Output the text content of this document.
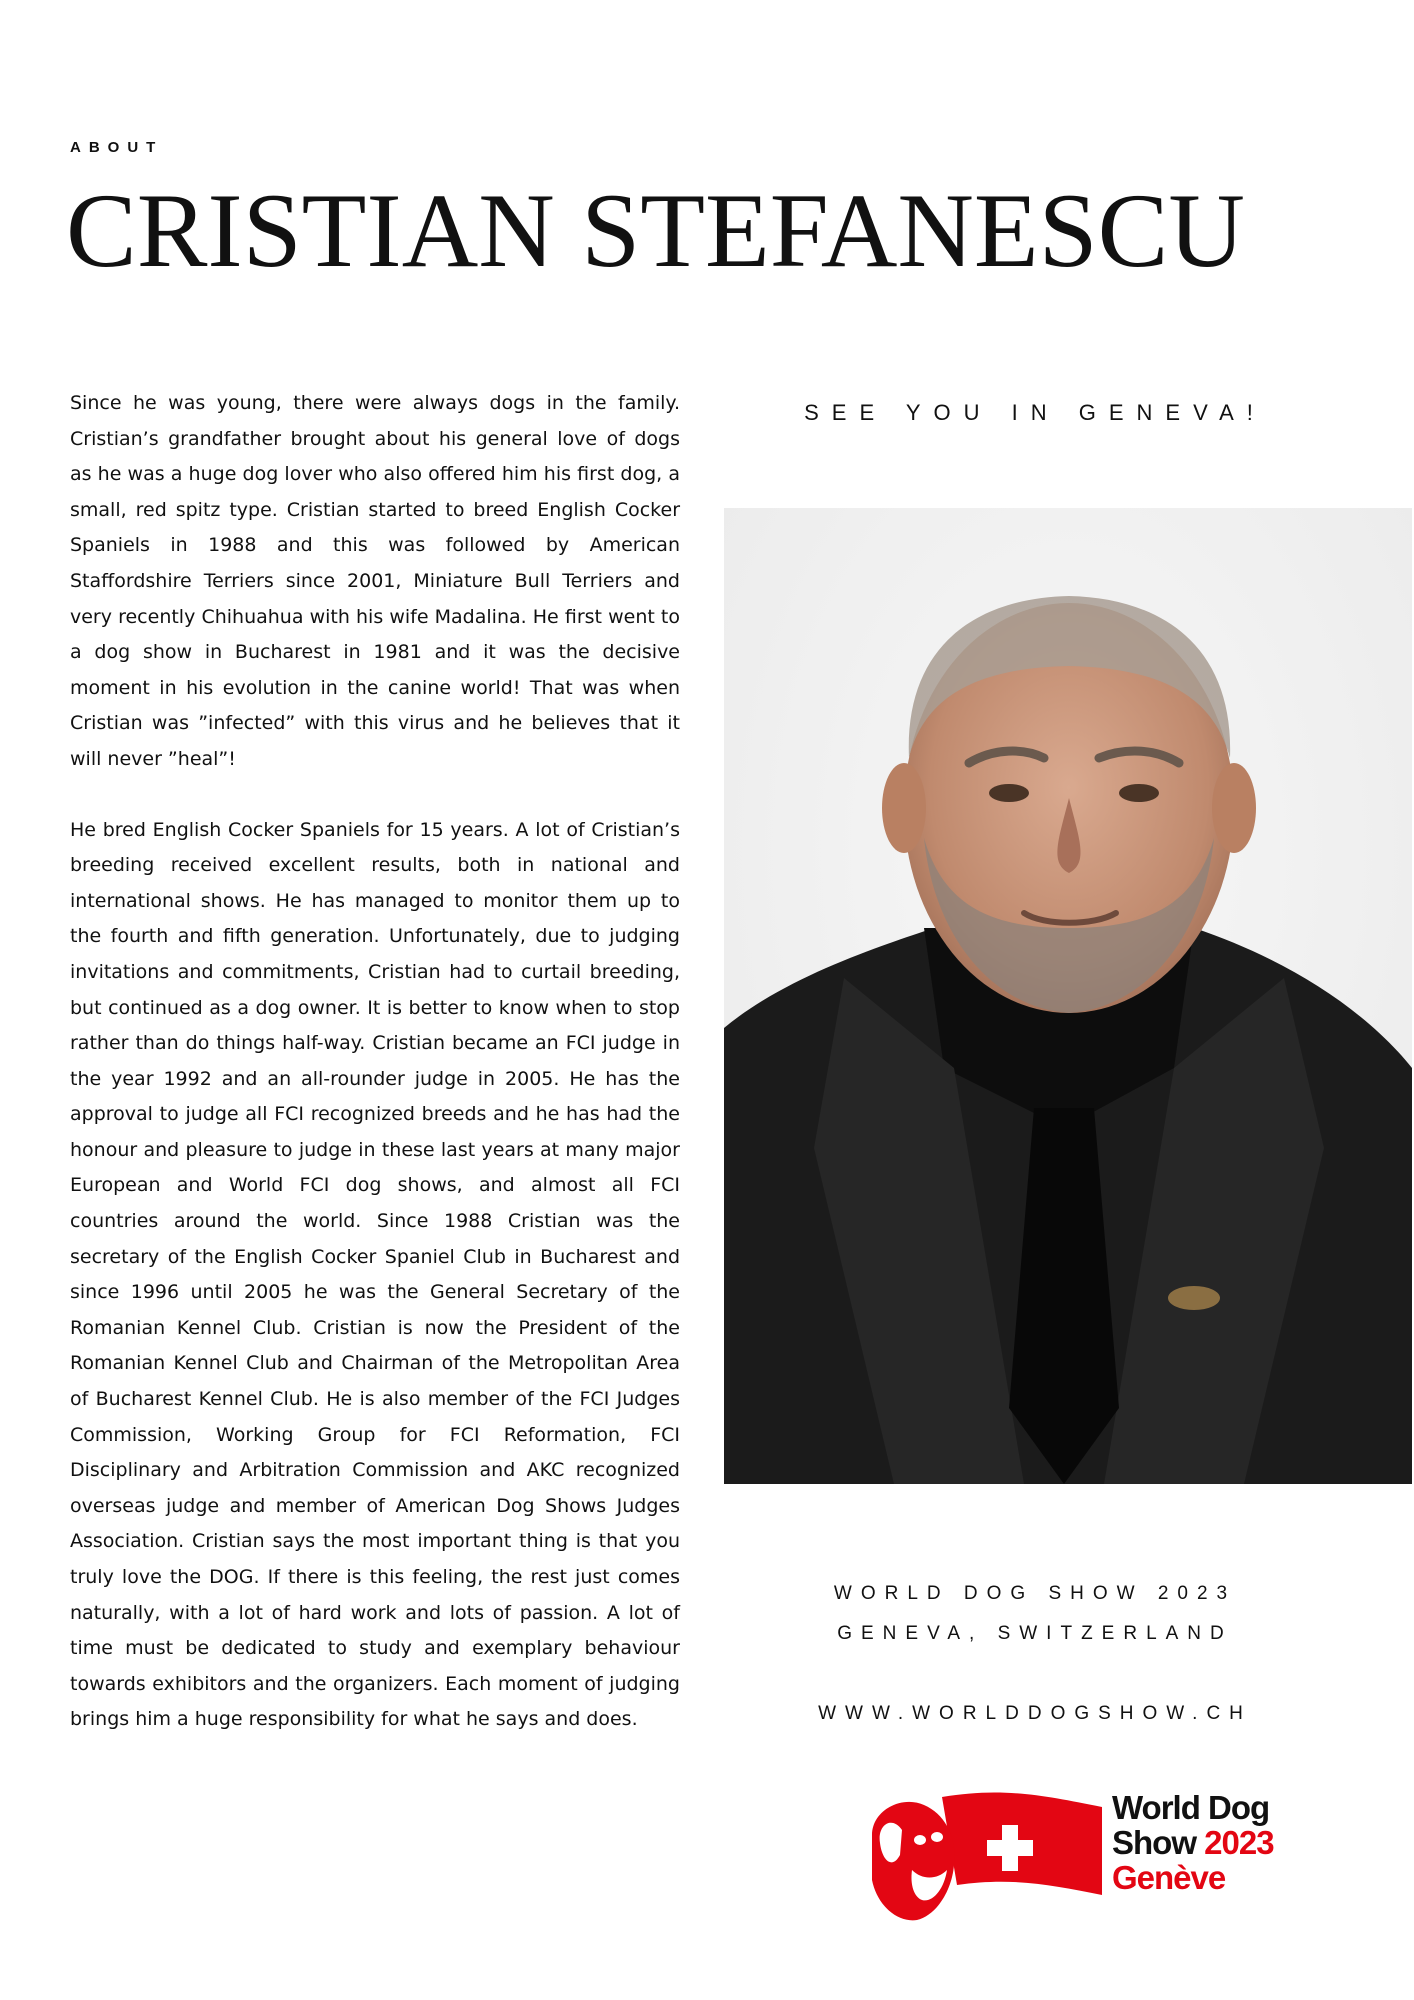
ABOUT
CRISTIAN STEFANESCU

Since he was young, there were always dogs in the family. Cristian’s grandfather brought about his general love of dogs as he was a huge dog lover who also offered him his first dog, a small, red spitz type. Cristian started to breed English Cocker Spaniels in 1988 and this was followed by American Staffordshire Terriers since 2001, Miniature Bull Terriers and very recently Chihuahua with his wife Madalina. He first went to a dog show in Bucharest in 1981 and it was the decisive moment in his evolution in the canine world! That was when Cristian was ”infected” with this virus and he believes that it will never ”heal”!

He bred English Cocker Spaniels for 15 years. A lot of Cristian’s breeding received excellent results, both in national and international shows. He has managed to monitor them up to the fourth and fifth generation. Unfortunately, due to judging invitations and commitments, Cristian had to curtail breeding, but continued as a dog owner. It is better to know when to stop rather than do things half-way. Cristian became an FCI judge in the year 1992 and an all-rounder judge in 2005. He has the approval to judge all FCI recognized breeds and he has had the honour and pleasure to judge in these last years at many major European and World FCI dog shows, and almost all FCI countries around the world. Since 1988 Cristian was the secretary of the English Cocker Spaniel Club in Bucharest and since 1996 until 2005 he was the General Secretary of the Romanian Kennel Club. Cristian is now the President of the Romanian Kennel Club and Chairman of the Metropolitan Area of Bucharest Kennel Club. He is also member of the FCI Judges Commission, Working Group for FCI Reformation, FCI Disciplinary and Arbitration Commission and AKC recognized overseas judge and member of American Dog Shows Judges Association. Cristian says the most important thing is that you truly love the DOG. If there is this feeling, the rest just comes naturally, with a lot of hard work and lots of passion. A lot of time must be dedicated to study and exemplary behaviour towards exhibitors and the organizers. Each moment of judging brings him a huge responsibility for what he says and does.

SEE YOU IN GENEVA!
WORLD DOG SHOW 2023
GENEVA, SWITZERLAND
WWW.WORLDDOGSHOW.CH
World Dog
Show 2023
Genève
